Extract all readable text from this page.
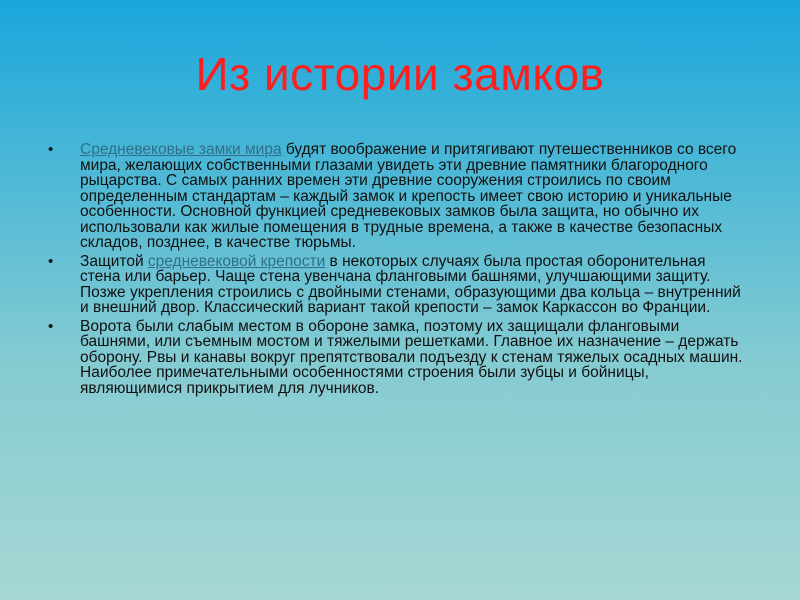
Из истории замков
• Средневековые замки мира будят воображение и притягивают путешественников со всего мира, желающих собственными глазами увидеть эти древние памятники благородного рыцарства. С самых ранних времен эти древние сооружения строились по своим определенным стандартам – каждый замок и крепость имеет свою историю и уникальные особенности. Основной функцией средневековых замков была защита, но обычно их использовали как жилые помещения в трудные времена, а также в качестве безопасных складов, позднее, в качестве тюрьмы.
• Защитой средневековой крепости в некоторых случаях была простая оборонительная стена или барьер. Чаще стена увенчана фланговыми башнями, улучшающими защиту. Позже укрепления строились с двойными стенами, образующими два кольца – внутренний и внешний двор. Классический вариант такой крепости – замок Каркассон во Франции.
• Ворота были слабым местом в обороне замка, поэтому их защищали фланговыми башнями, или съемным мостом и тяжелыми решетками. Главное их назначение – держать оборону. Рвы и канавы вокруг препятствовали подъезду к стенам тяжелых осадных машин. Наиболее примечательными особенностями строения были зубцы и бойницы, являющимися прикрытием для лучников.
